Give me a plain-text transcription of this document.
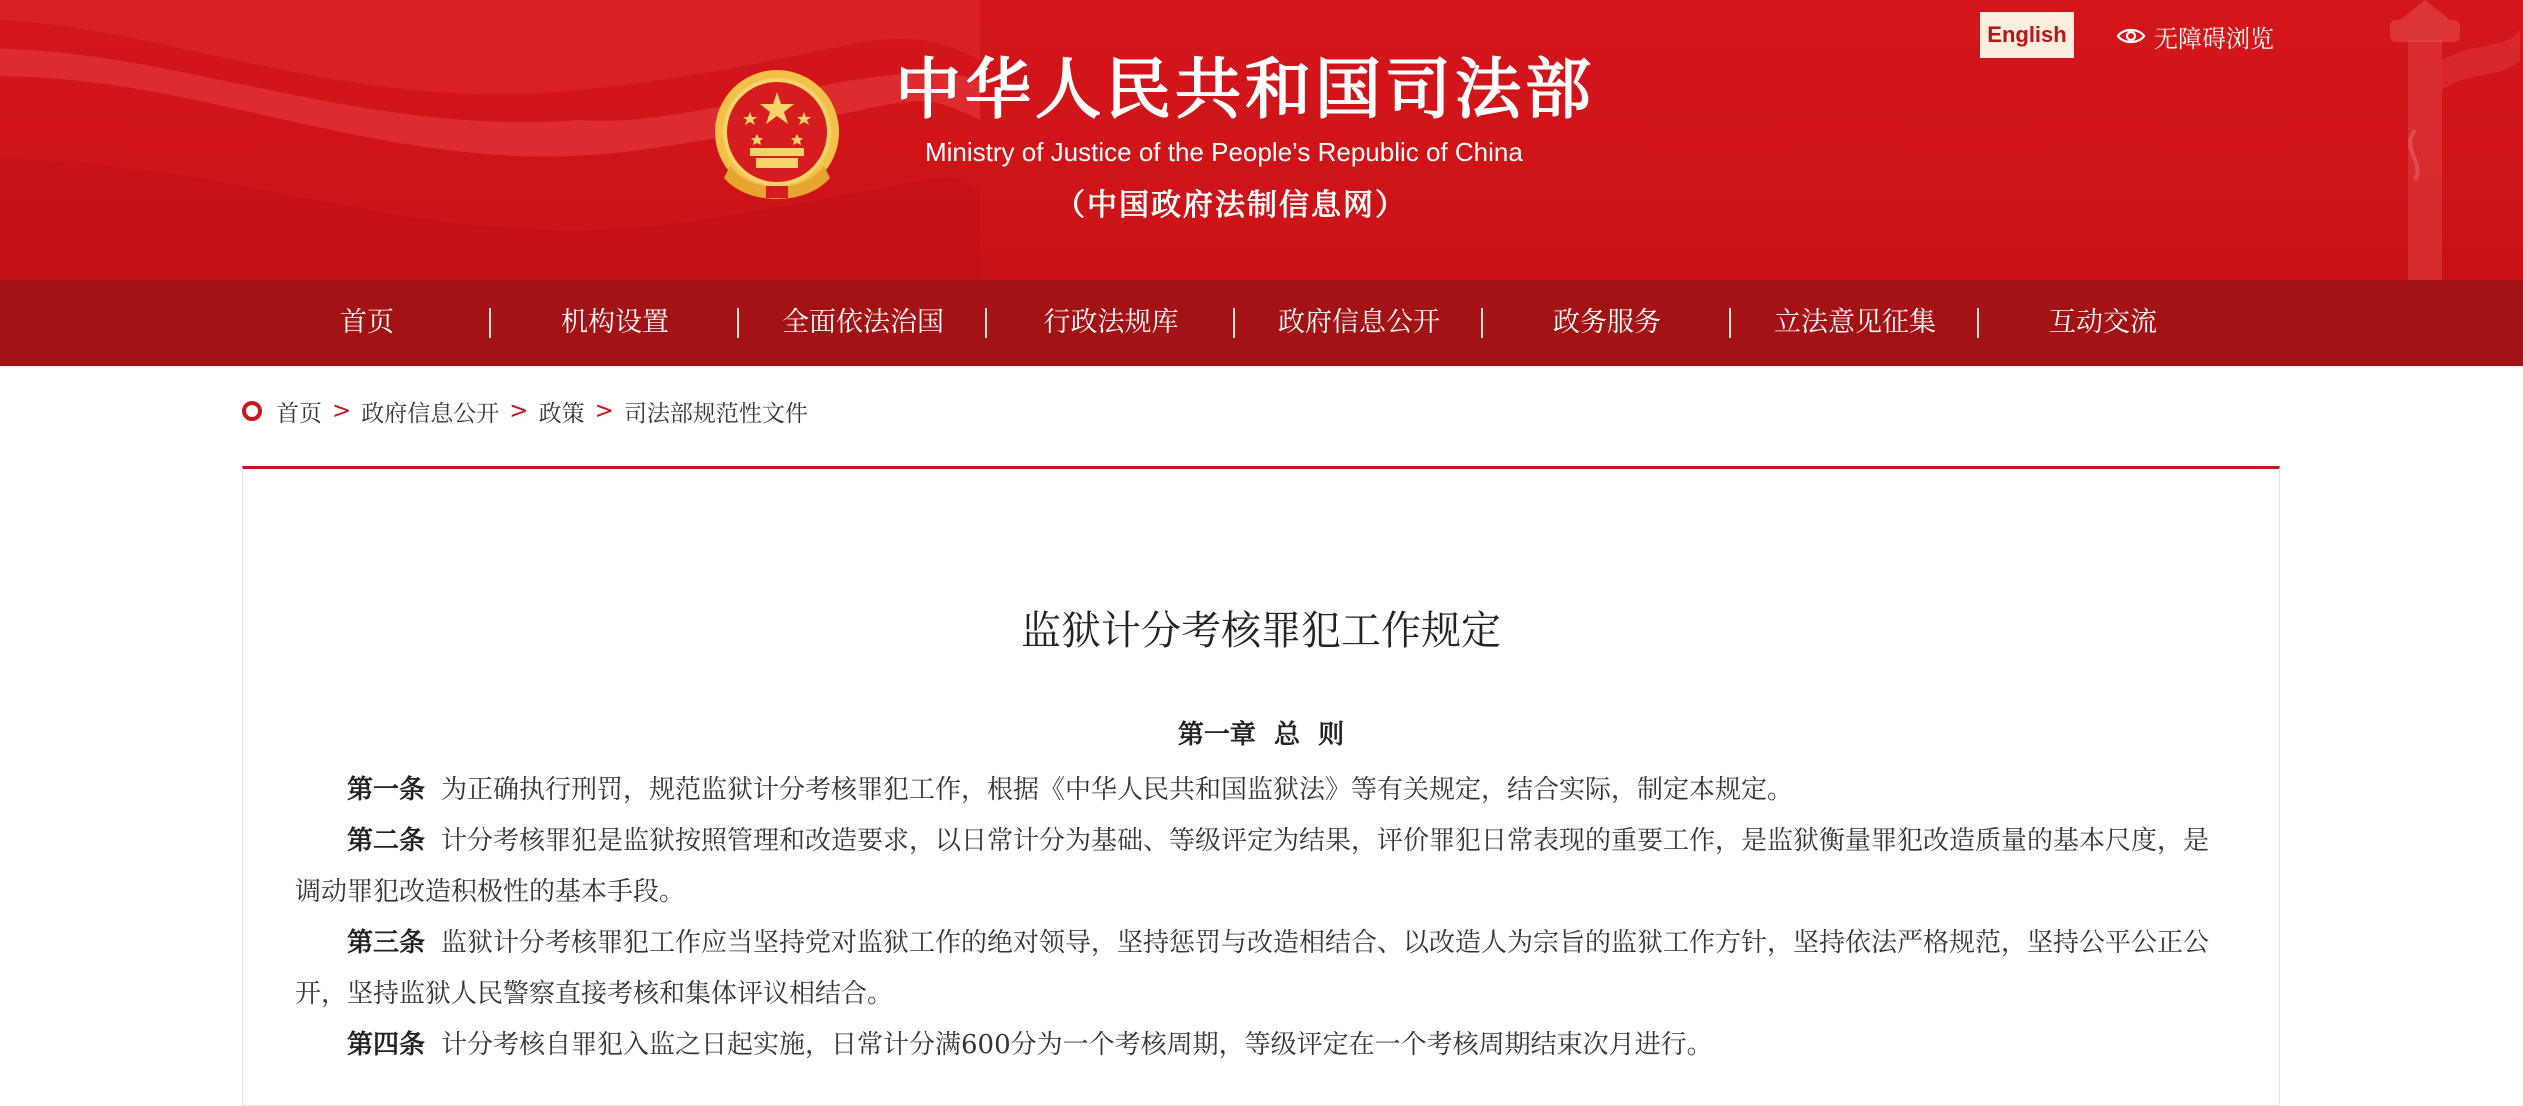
中华人民共和国司法部
Ministry of Justice of the People’s Republic of China
（中国政府法制信息网）
English	无障碍浏览
首页	机构设置	全面依法治国	行政法规库	政府信息公开	政务服务	立法意见征集	互动交流
首页 > 政府信息公开 > 政策 > 司法部规范性文件
监狱计分考核罪犯工作规定
第一章  总  则

第一条 为正确执行刑罚，规范监狱计分考核罪犯工作，根据《中华人民共和国监狱法》等有关规定，结合实际，制定本规定。

第二条 计分考核罪犯是监狱按照管理和改造要求，以日常计分为基础、等级评定为结果，评价罪犯日常表现的重要工作，是监狱衡量罪犯改造质量的基本尺度，是调动罪犯改造积极性的基本手段。

第三条 监狱计分考核罪犯工作应当坚持党对监狱工作的绝对领导，坚持惩罚与改造相结合、以改造人为宗旨的监狱工作方针，坚持依法严格规范，坚持公平公正公开，坚持监狱人民警察直接考核和集体评议相结合。

第四条 计分考核自罪犯入监之日起实施，日常计分满600分为一个考核周期，等级评定在一个考核周期结束次月进行。
